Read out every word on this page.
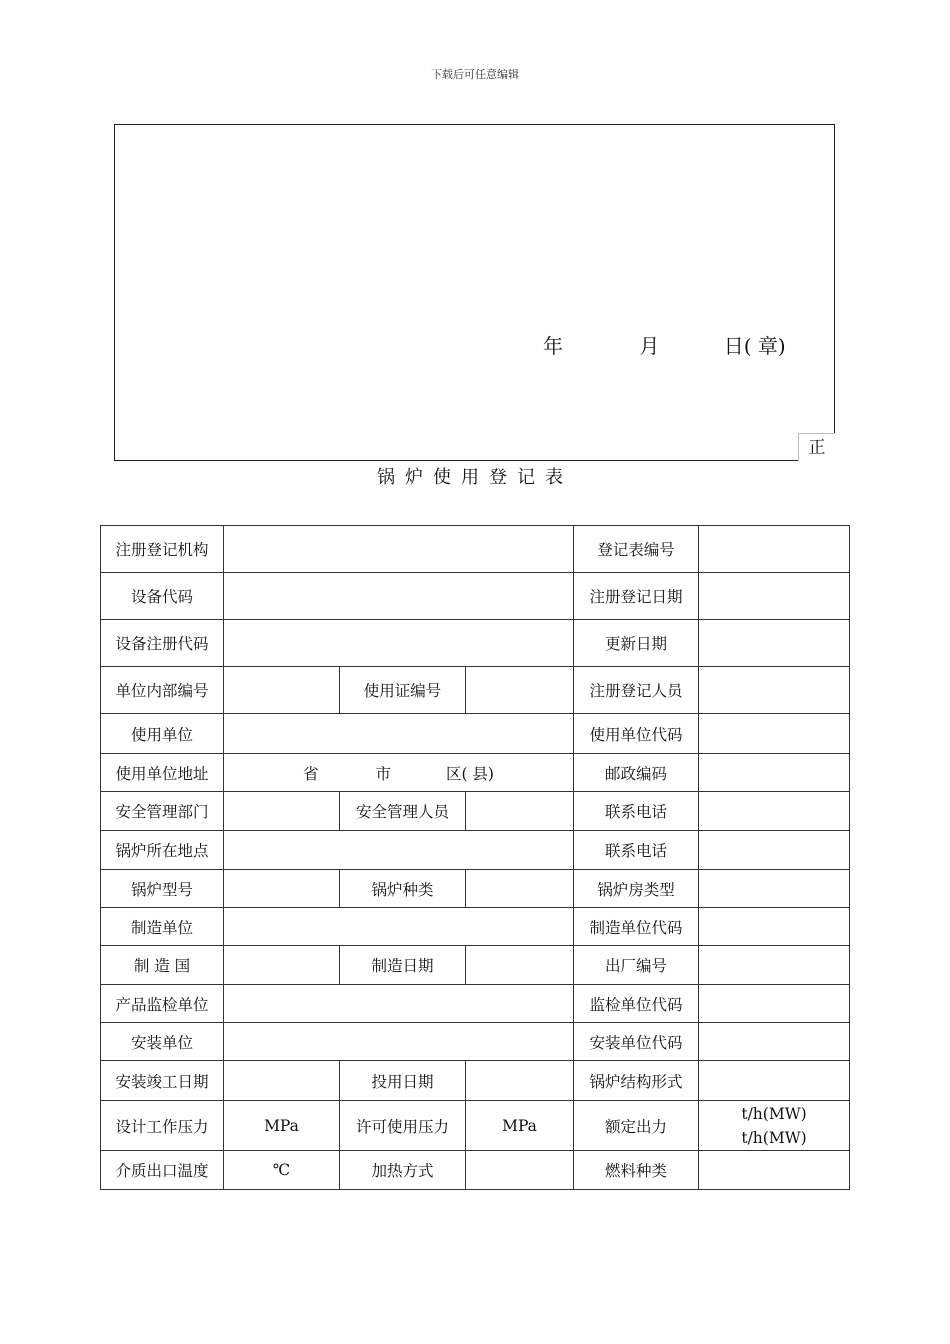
下载后可任意编辑
年	月	日( 章)
正
锅炉使用登记表
注册登记机构				登记表编号	
设备代码				注册登记日期	
设备注册代码				更新日期	
单位内部编号		使用证编号		注册登记人员	
使用单位				使用单位代码	
使用单位地址	省 市 区( 县)			邮政编码	
安全管理部门		安全管理人员		联系电话	
锅炉所在地点				联系电话	
锅炉型号		锅炉种类		锅炉房类型	
制造单位				制造单位代码	
制 造 国		制造日期		出厂编号	
产品监检单位				监检单位代码	
安装单位				安装单位代码	
安装竣工日期		投用日期		锅炉结构形式	
设计工作压力	MPa	许可使用压力	MPa	额定出力	t/h(MW)
t/h(MW)

介质出口温度	℃	加热方式		燃料种类	
